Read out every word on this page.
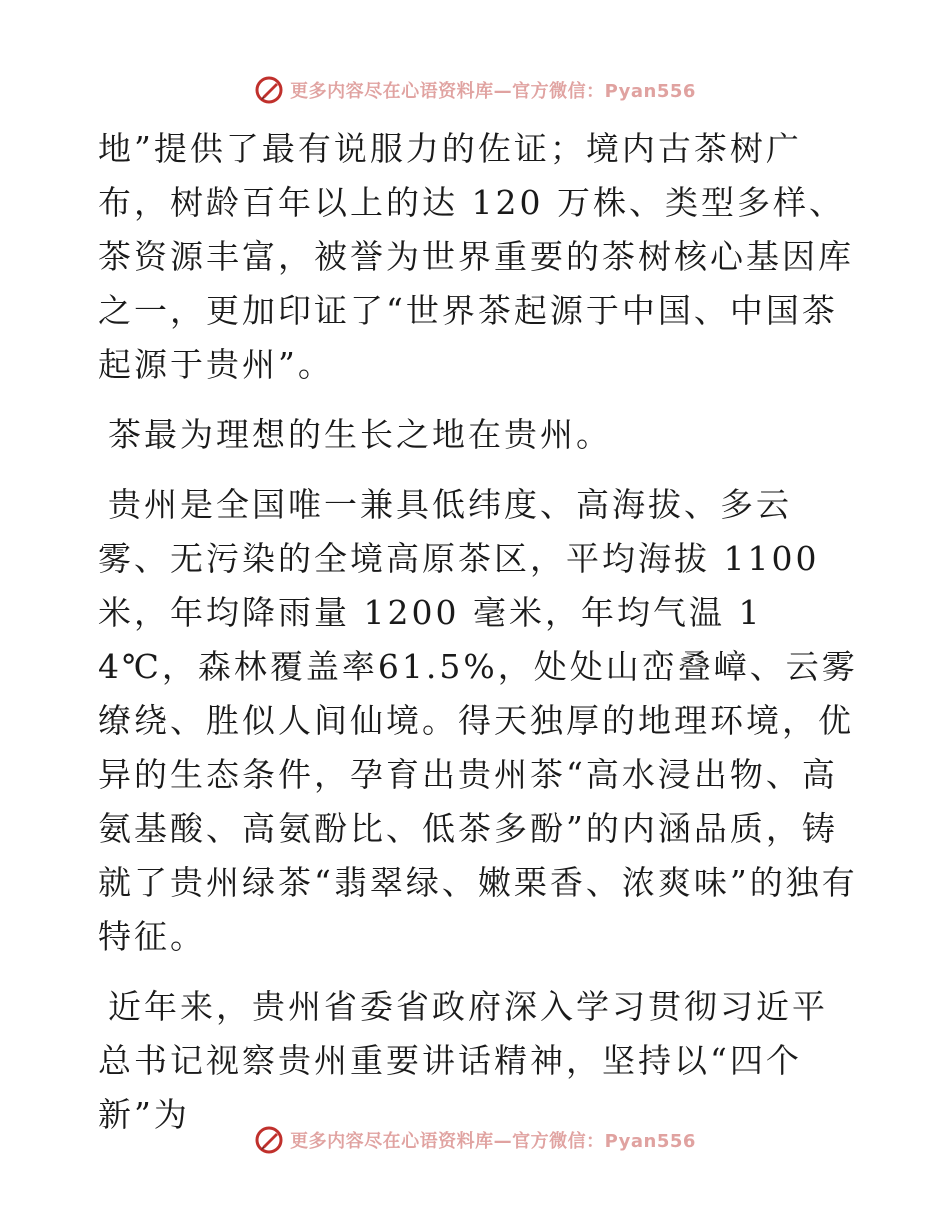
更多内容尽在心语资料库—官方微信：Pyan556

地”提供了最有说服力的佐证；境内古茶树广布，树龄百年以上的达 120 万株、类型多样、茶资源丰富，被誉为世界重要的茶树核心基因库之一，更加印证了“世界茶起源于中国、中国茶起源于贵州”。

茶最为理想的生长之地在贵州。

贵州是全国唯一兼具低纬度、高海拔、多云雾、无污染的全境高原茶区，平均海拔 1100 米，年均降雨量 1200 毫米，年均气温 14℃，森林覆盖率61.5%，处处山峦叠嶂、云雾缭绕、胜似人间仙境。得天独厚的地理环境，优异的生态条件，孕育出贵州茶“高水浸出物、高氨基酸、高氨酚比、低茶多酚”的内涵品质，铸就了贵州绿茶“翡翠绿、嫩栗香、浓爽味”的独有特征。

近年来，贵州省委省政府深入学习贯彻习近平总书记视察贵州重要讲话精神，坚持以“四个新”为

更多内容尽在心语资料库—官方微信：Pyan556
